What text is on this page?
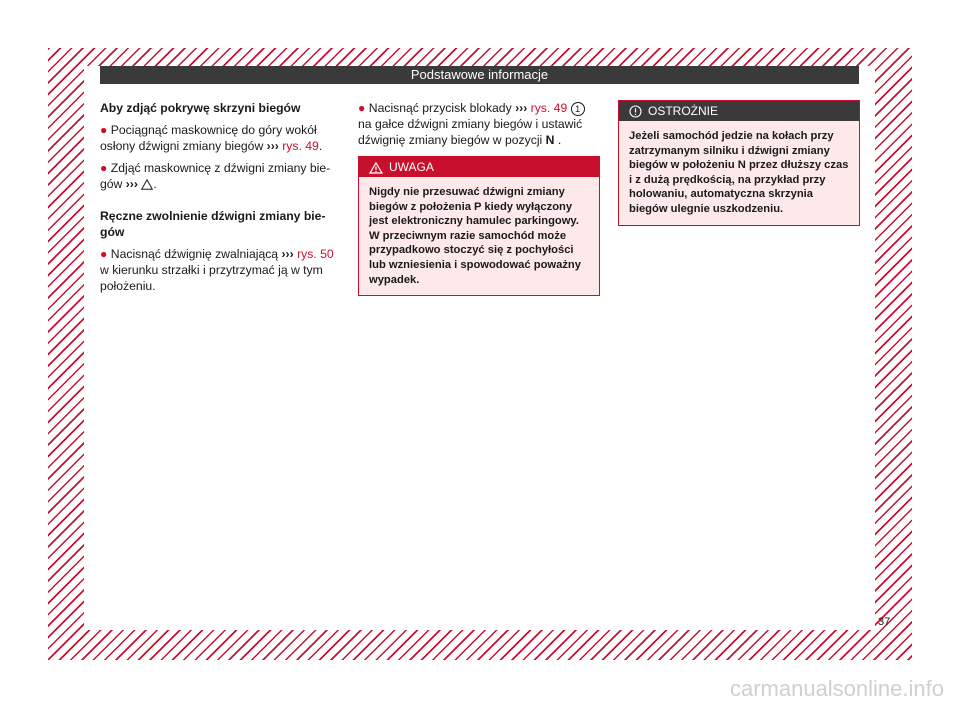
Podstawowe informacje
Aby zdjąć pokrywę skrzyni biegów

● Pociągnąć maskownicę do góry wokół osłony dźwigni zmiany biegów ››› rys. 49.

● Zdjąć maskownicę z dźwigni zmiany bie-gów ››› .

Ręczne zwolnienie dźwigni zmiany bie-gów

● Nacisnąć dźwignię zwalniającą ››› rys. 50 w kierunku strzałki i przytrzymać ją w tym położeniu.

● Nacisnąć przycisk blokady ››› rys. 49 1 na gałce dźwigni zmiany biegów i ustawić dźwignię zmiany biegów w pozycji N .

UWAGA
Nigdy nie przesuwać dźwigni zmiany biegów z położenia P kiedy wyłączony jest elektroniczny hamulec parkingowy. W przeciwnym razie samochód może przypadkowo stoczyć się z pochyłości lub wzniesienia i spowodować poważny wypadek.
OSTROŻNIE
Jeżeli samochód jedzie na kołach przy zatrzymanym silniku i dźwigni zmiany biegów w położeniu N przez dłuższy czas i z dużą prędkością, na przykład przy holowaniu, automatyczna skrzynia biegów ulegnie uszkodzeniu.
37
carmanualsonline.info
